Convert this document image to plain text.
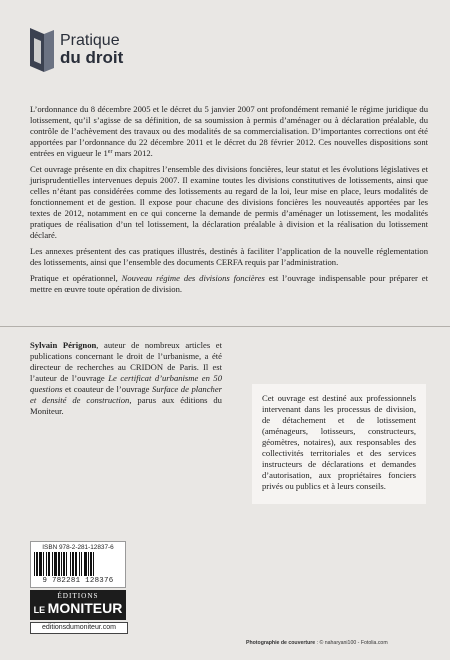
Pratique
du droit

L’ordonnance du 8 décembre 2005 et le décret du 5 janvier 2007 ont profondément remanié le régime juridique du lotissement, qu’il s’agisse de sa définition, de sa soumission à permis d’aménager ou à déclaration préalable, du contrôle de l’achèvement des travaux ou des modalités de sa commercialisation. D’importantes corrections ont été apportées par l’ordonnance du 22 décembre 2011 et le décret du 28 février 2012. Ces nouvelles dispositions sont entrées en vigueur le 1er mars 2012.

Cet ouvrage présente en dix chapitres l’ensemble des divisions foncières, leur statut et les évolutions législatives et jurisprudentielles intervenues depuis 2007. Il examine toutes les divisions constitutives de lotissements, ainsi que celles n’étant pas considérées comme des lotissements au regard de la loi, leur mise en place, leurs modalités de fonctionnement et de gestion. Il expose pour chacune des divisions foncières les nouveautés apportées par les textes de 2012, notamment en ce qui concerne la demande de permis d’aménager un lotissement, les modalités pratiques de réalisation d’un tel lotissement, la déclaration préalable à division et la réalisation du lotissement déclaré.

Les annexes présentent des cas pratiques illustrés, destinés à faciliter l’application de la nouvelle réglementation des lotissements, ainsi que l’ensemble des documents CERFA requis par l’administration.

Pratique et opérationnel, Nouveau régime des divisions foncières est l’ouvrage indispensable pour préparer et mettre en œuvre toute opération de division.

Sylvain Pérignon, auteur de nombreux articles et publications concernant le droit de l’urbanisme, a été directeur de recherches au CRIDON de Paris. Il est l’auteur de l’ouvrage Le certificat d’urbanisme en 50 questions et coauteur de l’ouvrage Surface de plancher et densité de construction, parus aux éditions du Moniteur.
Cet ouvrage est destiné aux professionnels intervenant dans les processus de division, de détachement et de lotissement (aménageurs, lotisseurs, constructeurs, géomètres, notaires), aux responsables des collectivités territoriales et des services instructeurs de déclarations et demandes d’autorisation, aux propriétaires fonciers privés ou publics et à leurs conseils.
ISBN 978-2-281-12837-6
9 782281 128376
ÉDITIONS
LE MONITEUR
editionsdumoniteur.com
Photographie de couverture : © naharyani100 - Fotolia.com
